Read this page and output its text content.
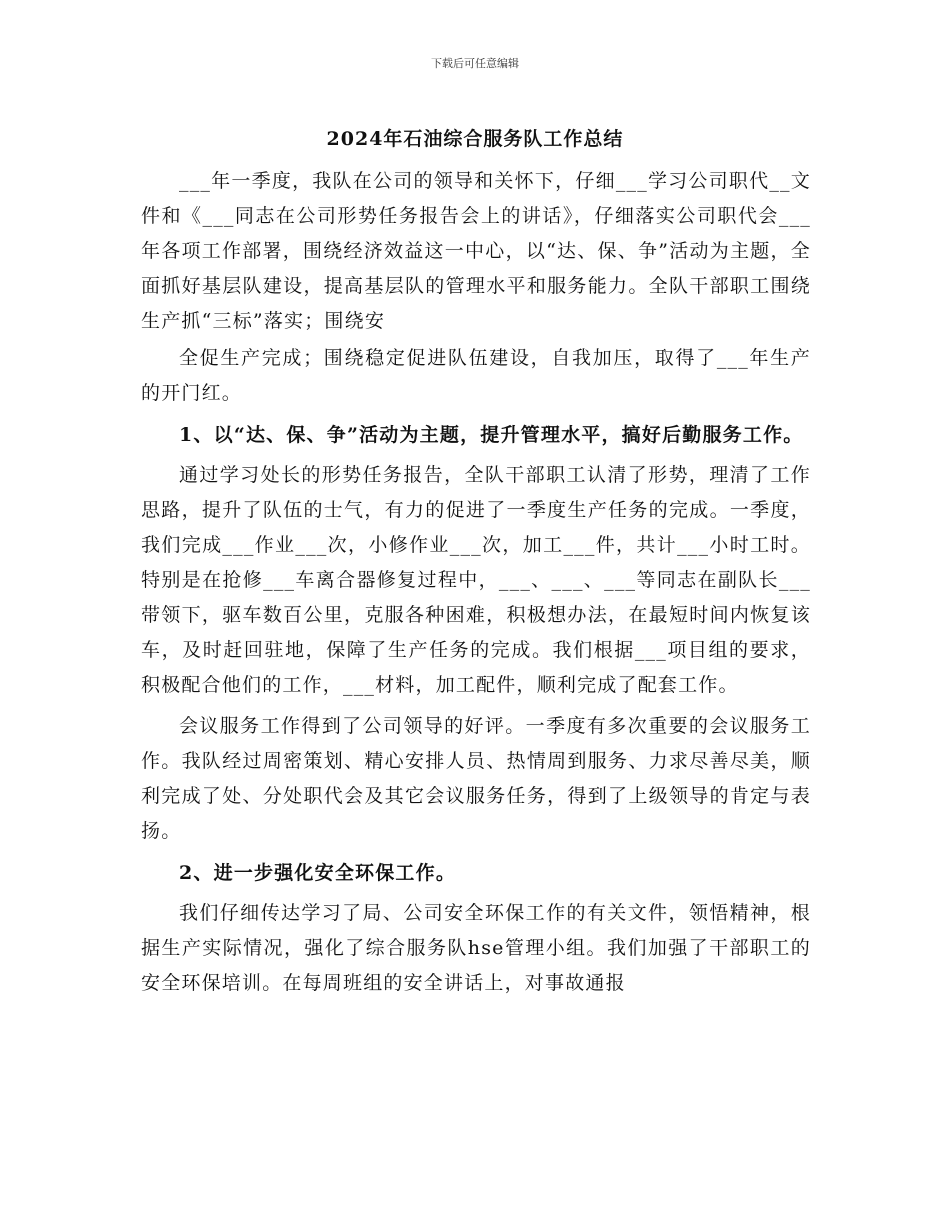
下载后可任意编辑
2024年石油综合服务队工作总结

___年一季度，我队在公司的领导和关怀下，仔细___学习公司职代__文件和《___同志在公司形势任务报告会上的讲话》，仔细落实公司职代会___年各项工作部署，围绕经济效益这一中心，以“达、保、争”活动为主题，全面抓好基层队建设，提高基层队的管理水平和服务能力。全队干部职工围绕生产抓“三标”落实；围绕安

全促生产完成；围绕稳定促进队伍建设，自我加压，取得了___年生产的开门红。

1、以“达、保、争”活动为主题，提升管理水平，搞好后勤服务工作。

通过学习处长的形势任务报告，全队干部职工认清了形势，理清了工作思路，提升了队伍的士气，有力的促进了一季度生产任务的完成。一季度，我们完成___作业___次，小修作业___次，加工___件，共计___小时工时。特别是在抢修___车离合器修复过程中，___、___、___等同志在副队长___带领下，驱车数百公里，克服各种困难，积极想办法，在最短时间内恢复该车，及时赶回驻地，保障了生产任务的完成。我们根据___项目组的要求，积极配合他们的工作，___材料，加工配件，顺利完成了配套工作。

会议服务工作得到了公司领导的好评。一季度有多次重要的会议服务工作。我队经过周密策划、精心安排人员、热情周到服务、力求尽善尽美，顺利完成了处、分处职代会及其它会议服务任务，得到了上级领导的肯定与表扬。

2、进一步强化安全环保工作。

我们仔细传达学习了局、公司安全环保工作的有关文件，领悟精神，根据生产实际情况，强化了综合服务队hse管理小组。我们加强了干部职工的安全环保培训。在每周班组的安全讲话上，对事故通报
